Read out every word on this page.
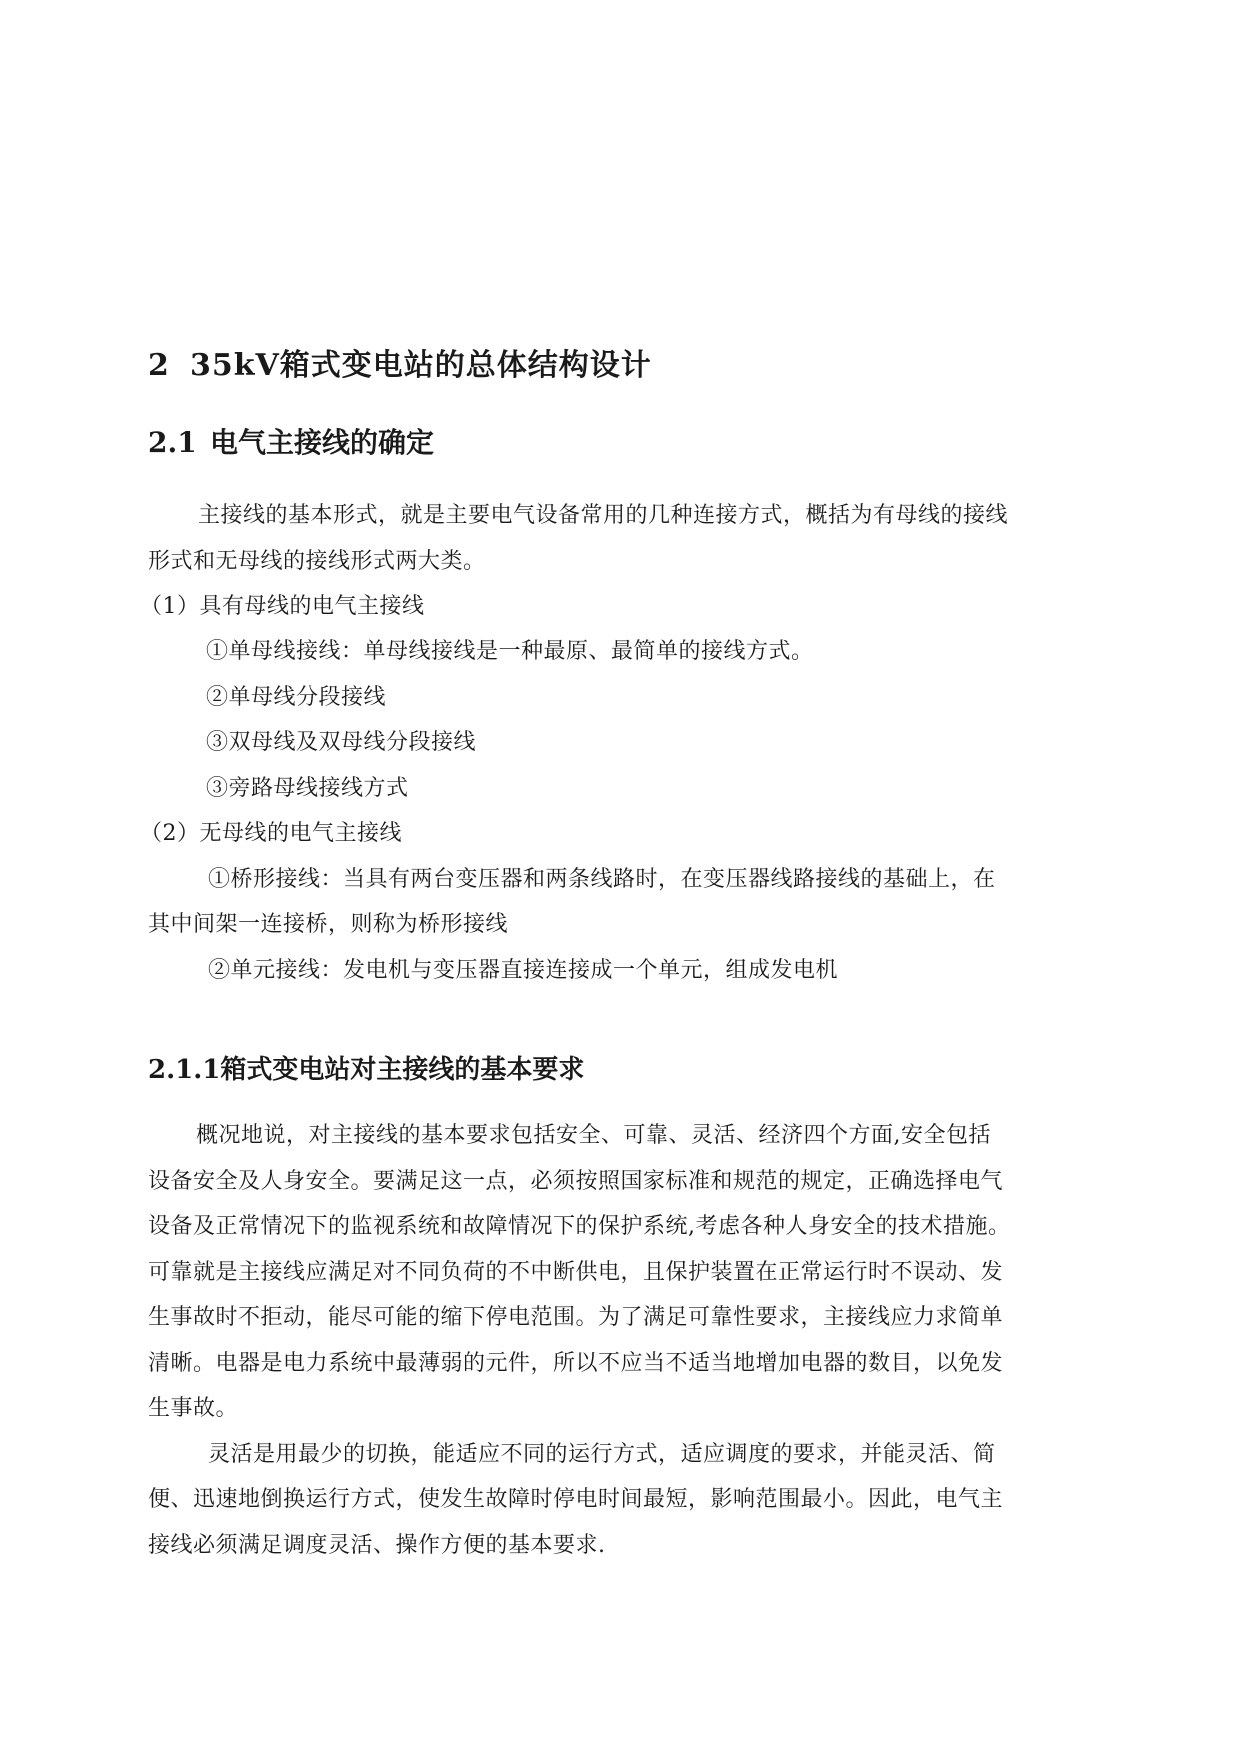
2 35kV箱式变电站的总体结构设计
2.1 电气主接线的确定
主接线的基本形式，就是主要电气设备常用的几种连接方式，概括为有母线的接线
形式和无母线的接线形式两大类。
（1）具有母线的电气主接线
①单母线接线：单母线接线是一种最原、最简单的接线方式。
②单母线分段接线
③双母线及双母线分段接线
③旁路母线接线方式
（2）无母线的电气主接线
①桥形接线：当具有两台变压器和两条线路时，在变压器线路接线的基础上，在
其中间架一连接桥，则称为桥形接线
②单元接线：发电机与变压器直接连接成一个单元，组成发电机
2.1.1箱式变电站对主接线的基本要求
概况地说，对主接线的基本要求包括安全、可靠、灵活、经济四个方面,安全包括
设备安全及人身安全。要满足这一点，必须按照国家标准和规范的规定，正确选择电气
设备及正常情况下的监视系统和故障情况下的保护系统,考虑各种人身安全的技术措施。
可靠就是主接线应满足对不同负荷的不中断供电，且保护装置在正常运行时不误动、发
生事故时不拒动，能尽可能的缩下停电范围。为了满足可靠性要求，主接线应力求简单
清晰。电器是电力系统中最薄弱的元件，所以不应当不适当地增加电器的数目，以免发
生事故。
灵活是用最少的切换，能适应不同的运行方式，适应调度的要求，并能灵活、简
便、迅速地倒换运行方式，使发生故障时停电时间最短，影响范围最小。因此，电气主
接线必须满足调度灵活、操作方便的基本要求.
